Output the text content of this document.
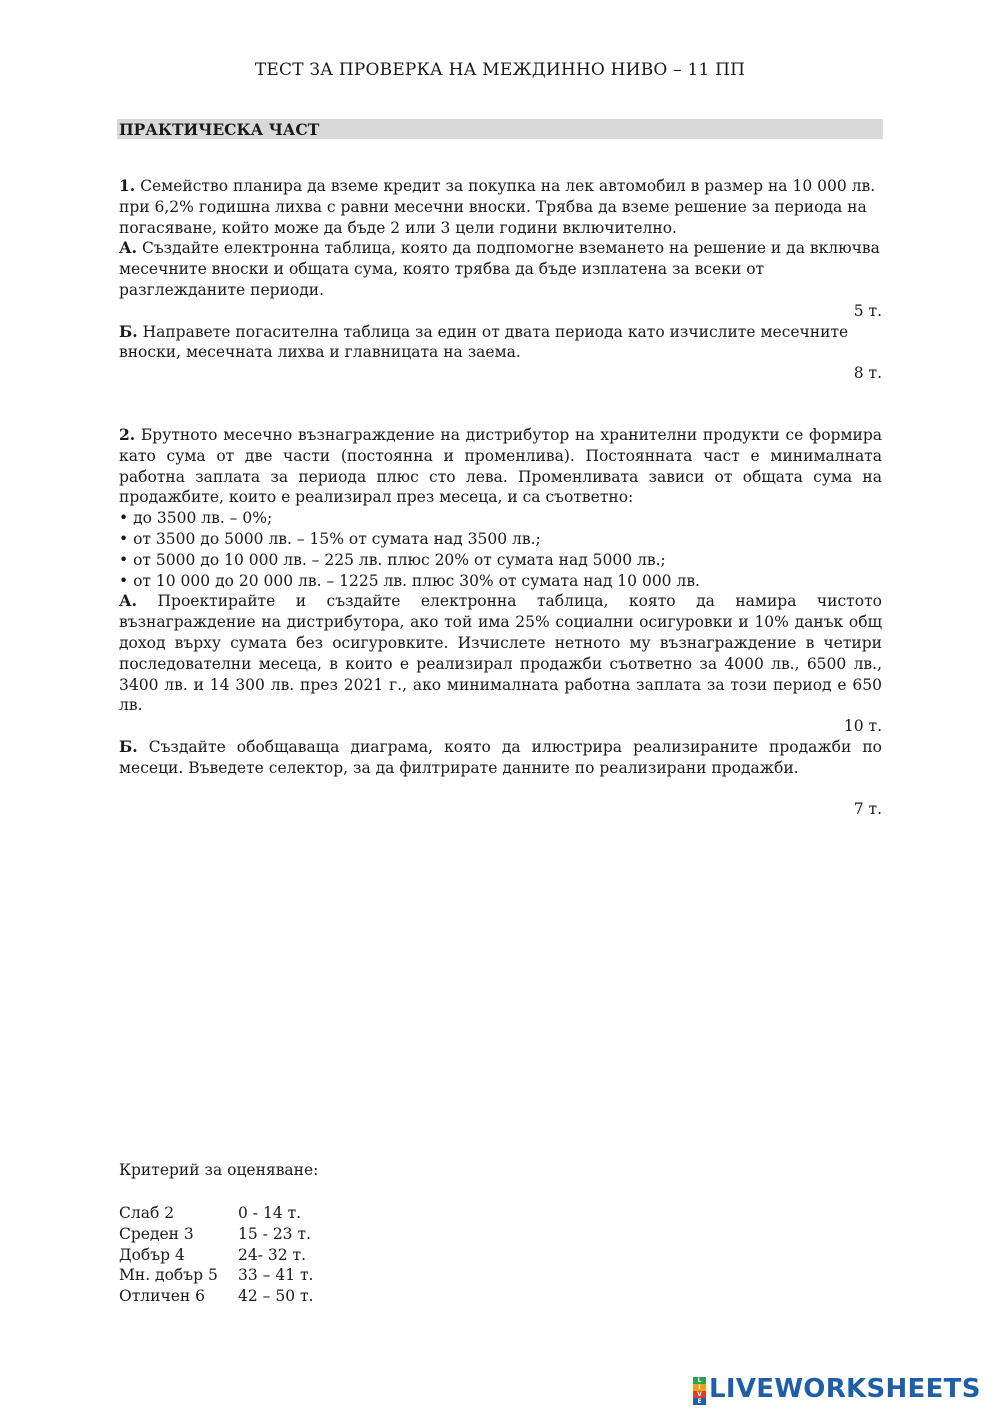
ТЕСТ ЗА ПРОВЕРКА НА МЕЖДИННО НИВО – 11 ПП
ПРАКТИЧЕСКА ЧАСТ

1. Семейство планира да вземе кредит за покупка на лек автомобил в размер на 10 000 лв. при 6,2% годишна лихва с равни месечни вноски. Трябва да вземе решение за периода на погасяване, който може да бъде 2 или 3 цели години включително.

А. Създайте електронна таблица, която да подпомогне вземането на решение и да включва месечните вноски и общата сума, която трябва да бъде изплатена за всеки от разглежданите периоди.

5 т.

Б. Направете погасителна таблица за един от двата периода като изчислите месечните вноски, месечната лихва и главницата на заема.

8 т.

2. Брутното месечно възнаграждение на дистрибутор на хранителни продукти се формира като сума от две части (постоянна и променлива). Постоянната част е минималната работна заплата за периода плюс сто лева. Променливата зависи от общата сума на продажбите, които е реализирал през месеца, и са съответно:

• до 3500 лв. – 0%;

• от 3500 до 5000 лв. – 15% от сумата над 3500 лв.;

• от 5000 до 10 000 лв. – 225 лв. плюс 20% от сумата над 5000 лв.;

• от 10 000 до 20 000 лв. – 1225 лв. плюс 30% от сумата над 10 000 лв.

А. Проектирайте и създайте електронна таблица, която да намира чистото възнаграждение на дистрибутора, ако той има 25% социални осигуровки и 10% данък общ доход върху сумата без осигуровките. Изчислете нетното му възнаграждение в четири последователни месеца, в които е реализирал продажби съответно за 4000 лв., 6500 лв., 3400 лв. и 14 300 лв. през 2021 г., ако минималната работна заплата за този период е 650 лв.

10 т.

Б. Създайте обобщаваща диаграма, която да илюстрира реализираните продажби по месеци. Въведете селектор, за да филтрирате данните по реализирани продажби.

7 т.

Критерий за оценяване:
Слаб 2	0 - 14 т.
Среден 3	15 - 23 т.
Добър 4	24- 32 т.
Мн. добър 5	33 – 41 т.
Отличен 6	42 – 50 т.
L
I
V
E LIVEWORKSHEETS
